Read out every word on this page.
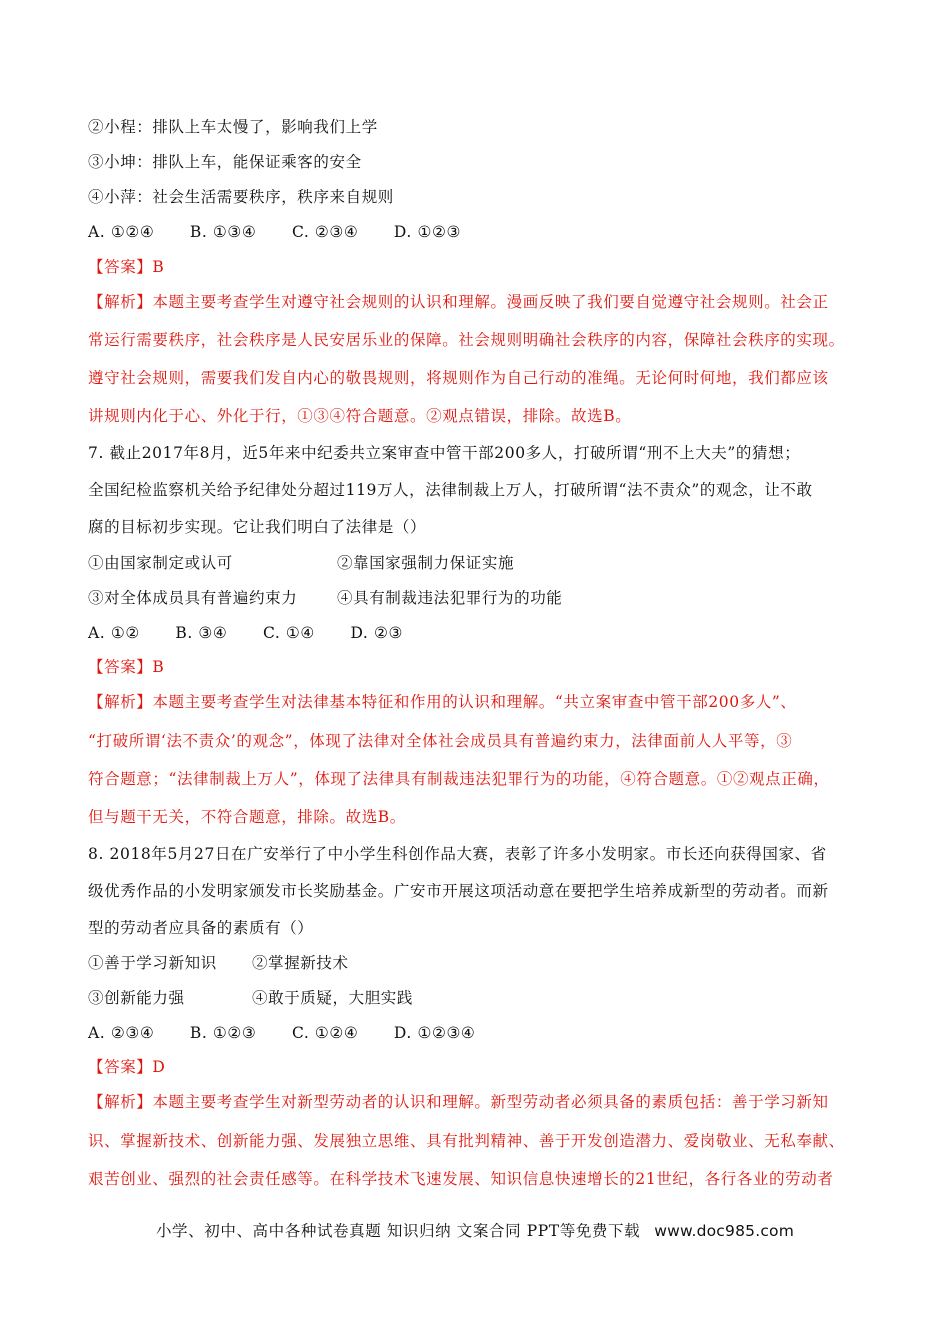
②小程：排队上车太慢了，影响我们上学
③小坤：排队上车，能保证乘客的安全
④小萍：社会生活需要秩序，秩序来自规则
A. ①②④ B. ①③④ C. ②③④ D. ①②③
【答案】B
【解析】本题主要考查学生对遵守社会规则的认识和理解。漫画反映了我们要自觉遵守社会规则。社会正
常运行需要秩序，社会秩序是人民安居乐业的保障。社会规则明确社会秩序的内容，保障社会秩序的实现。
遵守社会规则，需要我们发自内心的敬畏规则，将规则作为自己行动的准绳。无论何时何地，我们都应该
讲规则内化于心、外化于行，①③④符合题意。②观点错误，排除。故选B。
7. 截止2017年8月，近5年来中纪委共立案审查中管干部200多人，打破所谓“刑不上大夫”的猜想；
全国纪检监察机关给予纪律处分超过119万人，法律制裁上万人，打破所谓“法不责众”的观念，让不敢
腐的目标初步实现。它让我们明白了法律是（）
①由国家制定或认可	②靠国家强制力保证实施
③对全体成员具有普遍约束力	④具有制裁违法犯罪行为的功能
A. ①② B. ③④ C. ①④ D. ②③
【答案】B
【解析】本题主要考查学生对法律基本特征和作用的认识和理解。“共立案审查中管干部200多人”、
“打破所谓‘法不责众’的观念”，体现了法律对全体社会成员具有普遍约束力，法律面前人人平等，③
符合题意；“法律制裁上万人”，体现了法律具有制裁违法犯罪行为的功能，④符合题意。①②观点正确，
但与题干无关，不符合题意，排除。故选B。
8. 2018年5月27日在广安举行了中小学生科创作品大赛，表彰了许多小发明家。市长还向获得国家、省
级优秀作品的小发明家颁发市长奖励基金。广安市开展这项活动意在要把学生培养成新型的劳动者。而新
型的劳动者应具备的素质有（）
①善于学习新知识 ②掌握新技术
③创新能力强	④敢于质疑，大胆实践
A. ②③④ B. ①②③ C. ①②④ D. ①②③④
【答案】D
【解析】本题主要考查学生对新型劳动者的认识和理解。新型劳动者必须具备的素质包括：善于学习新知
识、掌握新技术、创新能力强、发展独立思维、具有批判精神、善于开发创造潜力、爱岗敬业、无私奉献、
艰苦创业、强烈的社会责任感等。在科学技术飞速发展、知识信息快速增长的21世纪，各行各业的劳动者
小学、初中、高中各种试卷真题 知识归纳 文案合同 PPT等免费下载 www.doc985.com
